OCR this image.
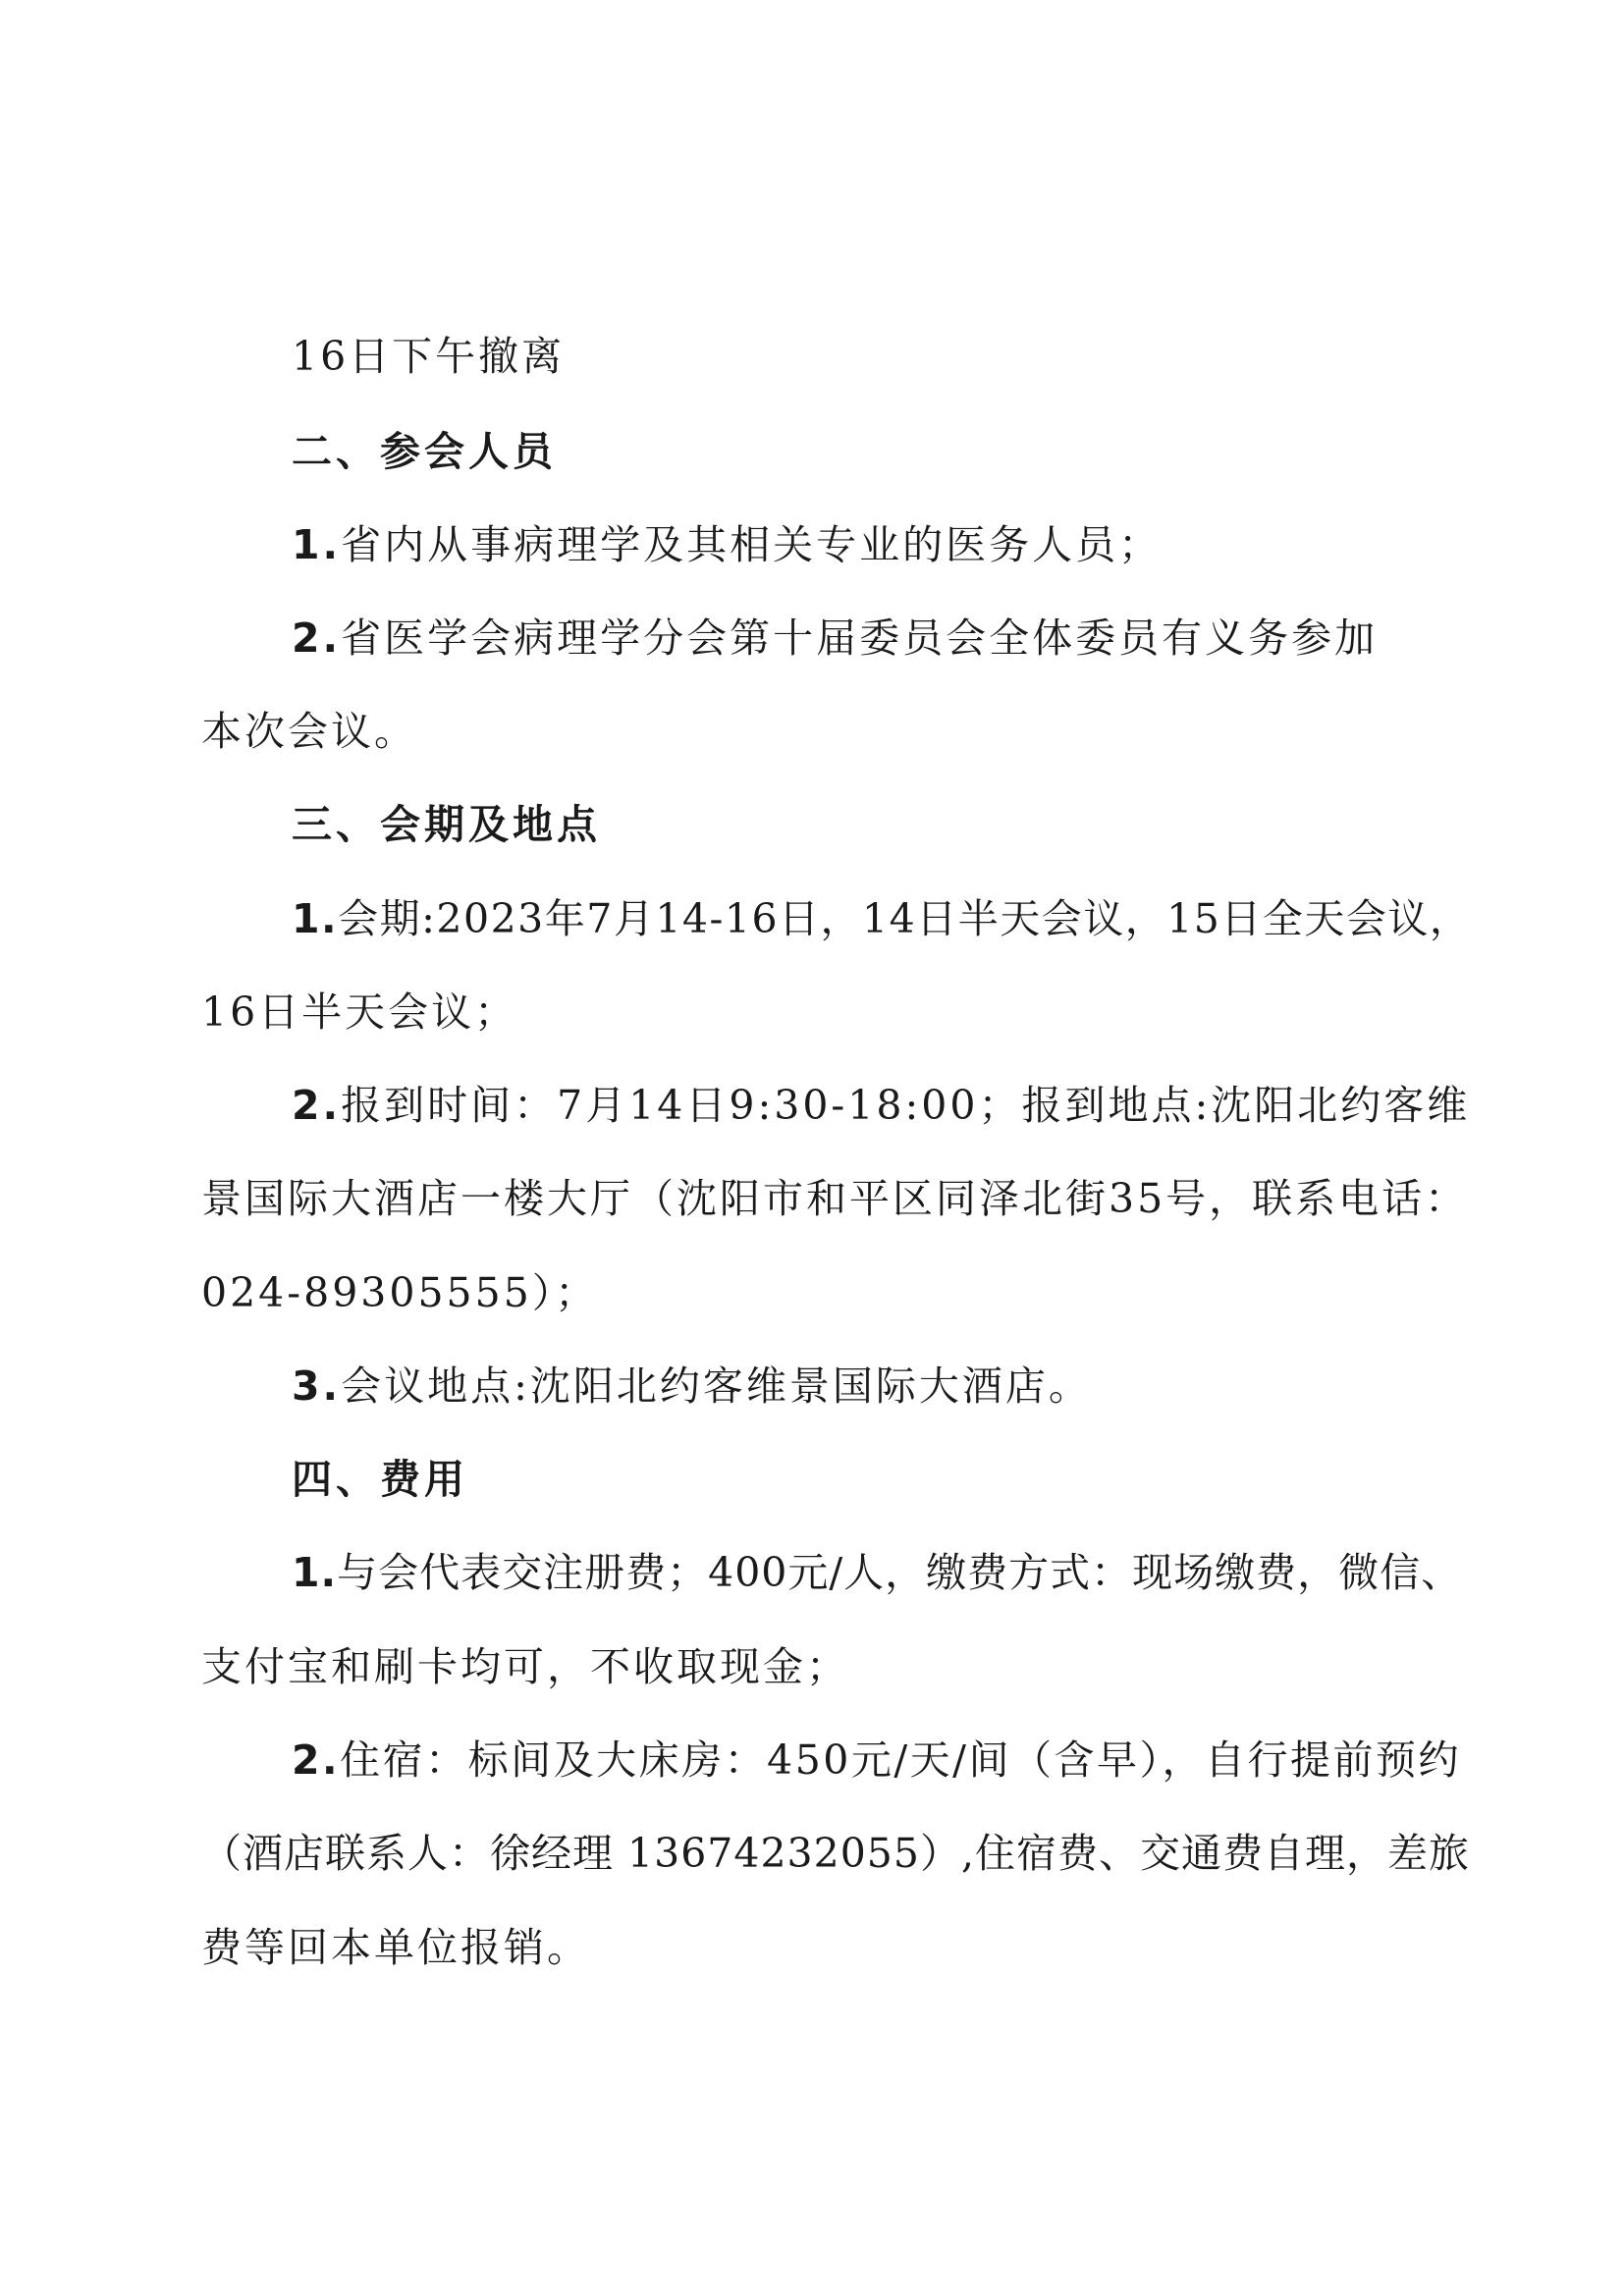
16日下午撤离
二、参会人员
1.省内从事病理学及其相关专业的医务人员；
2.省医学会病理学分会第十届委员会全体委员有义务参加
本次会议。
三、会期及地点
1.会期:2023年7月14-16日，14日半天会议，15日全天会议，
16日半天会议；
2.报到时间：7月14日9:30-18:00；报到地点:沈阳北约客维
景国际大酒店一楼大厅（沈阳市和平区同泽北街35号，联系电话：
024-89305555）；
3.会议地点:沈阳北约客维景国际大酒店。
四、费用
1.与会代表交注册费；400元/人，缴费方式：现场缴费，微信、
支付宝和刷卡均可，不收取现金；
2.住宿：标间及大床房：450元/天/间（含早），自行提前预约
（酒店联系人：徐经理 13674232055）,住宿费、交通费自理，差旅
费等回本单位报销。
